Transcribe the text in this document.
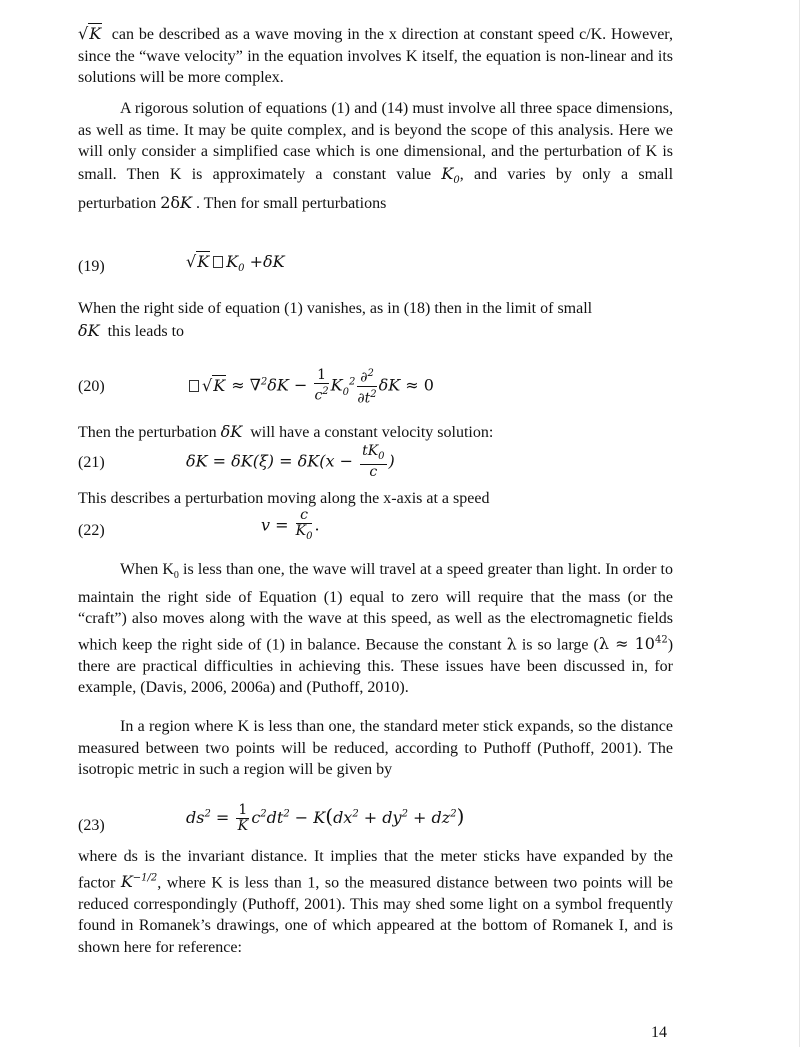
√K can be described as a wave moving in the x direction at constant speed c/K. However, since the “wave velocity” in the equation involves K itself, the equation is non-linear and its solutions will be more complex.

A rigorous solution of equations (1) and (14) must involve all three space dimensions, as well as time. It may be quite complex, and is beyond the scope of this analysis. Here we will only consider a simplified case which is one dimensional, and the perturbation of K is small. Then K is approximately a constant value $K_0$, and varies by only a small perturbation 2δK . Then for small perturbations

(19)	√K $K_0 +\delta K$

When the right side of equation (1) vanishes, as in (18) then in the limit of small
δK this leads to

(20)	$√K \approx \nabla^2\delta K - \frac{1}{c^2} K_0^2 \frac{\partial^2}{\partial t^2}$ δK ≈ 0

Then the perturbation δK will have a constant velocity solution:

(21)	$\delta K = \delta K(\xi) = \delta K(x - \frac{tK_0}{c}$ )

This describes a perturbation moving along the x-axis at a speed

(22)	$v = \frac{c}{K_0}$ .

When $K_0$ is less than one, the wave will travel at a speed greater than light. In order to maintain the right side of Equation (1) equal to zero will require that the mass (or the “craft”) also moves along with the wave at this speed, as well as the electromagnetic fields which keep the right side of (1) in balance. Because the constant λ is so large $(\lambda \approx 10^{42})$ there are practical difficulties in achieving this. These issues have been discussed in, for example, (Davis, 2006, 2006a) and (Puthoff, 2010).

In a region where K is less than one, the standard meter stick expands, so the distance measured between two points will be reduced, according to Puthoff (Puthoff, 2001). The isotropic metric in such a region will be given by

(23)	$ds^2 = \frac{1}{K} c^2dt^2 - K(dx^2 + dy^2 + dz^2)$

where ds is the invariant distance. It implies that the meter sticks have expanded by the factor $K^{-1/2}$, where K is less than 1, so the measured distance between two points will be reduced correspondingly (Puthoff, 2001). This may shed some light on a symbol frequently found in Romanek’s drawings, one of which appeared at the bottom of Romanek I, and is shown here for reference:

14
